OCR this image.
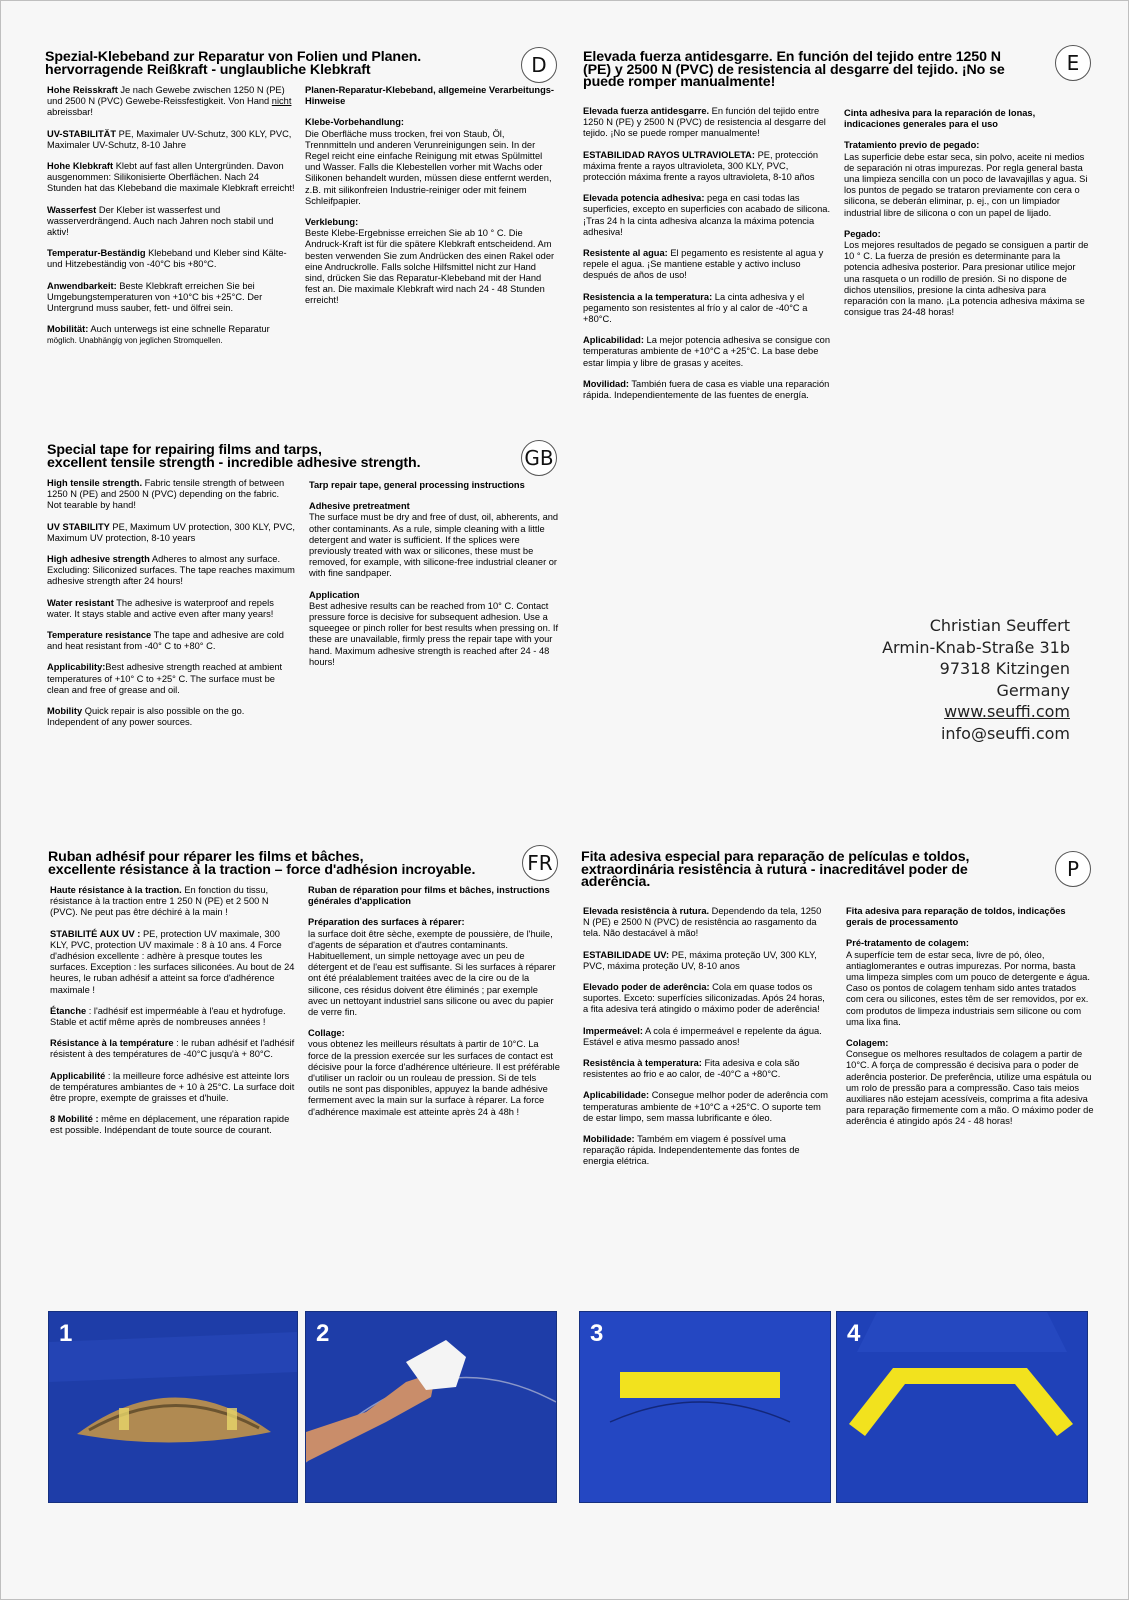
Spezial-Klebeband zur Reparatur von Folien und Planen.
hervorragende Reißkraft - unglaubliche Klebkraft	D

Hohe Reisskraft Je nach Gewebe zwischen 1250 N (PE) und 2500 N (PVC) Gewebe-Reissfestigkeit. Von Hand nicht abreissbar!

UV-STABILITÄT PE, Maximaler UV-Schutz, 300 KLY, PVC, Maximaler UV-Schutz, 8-10 Jahre

Hohe Klebkraft Klebt auf fast allen Untergründen. Davon ausgenommen: Silikonisierte Oberflächen. Nach 24 Stunden hat das Klebeband die maximale Klebkraft erreicht!

Wasserfest Der Kleber ist wasserfest und wasserverdrängend. Auch nach Jahren noch stabil und aktiv!

Temperatur-Beständig Klebeband und Kleber sind Kälte- und Hitzebeständig von -40°C bis +80°C.

Anwendbarkeit: Beste Klebkraft erreichen Sie bei Umgebungstemperaturen von +10°C bis +25°C. Der Untergrund muss sauber, fett- und ölfrei sein.

Mobilität: Auch unterwegs ist eine schnelle Reparatur
möglich. Unabhängig von jeglichen Stromquellen.

Planen-Reparatur-Klebeband, allgemeine Verarbeitungs-Hinweise

Klebe-Vorbehandlung:
Die Oberfläche muss trocken, frei von Staub, Öl, Trennmitteln und anderen Verunreinigungen sein. In der Regel reicht eine einfache Reinigung mit etwas Spülmittel und Wasser. Falls die Klebestellen vorher mit Wachs oder Silikonen behandelt wurden, müssen diese entfernt werden, z.B. mit silikonfreien Industrie-reiniger oder mit feinem Schleifpapier.

Verklebung:
Beste Klebe-Ergebnisse erreichen Sie ab 10 ° C. Die Andruck-Kraft ist für die spätere Klebkraft entscheidend. Am besten verwenden Sie zum Andrücken des einen Rakel oder eine Andruckrolle. Falls solche Hilfsmittel nicht zur Hand sind, drücken Sie das Reparatur-Klebeband mit der Hand fest an. Die maximale Klebkraft wird nach 24 - 48 Stunden erreicht!

Elevada fuerza antidesgarre. En función del tejido entre 1250 N
(PE) y 2500 N (PVC) de resistencia al desgarre del tejido. ¡No se
puede romper manualmente!
E

Elevada fuerza antidesgarre. En función del tejido entre 1250 N (PE) y 2500 N (PVC) de resistencia al desgarre del tejido. ¡No se puede romper manualmente!

ESTABILIDAD RAYOS ULTRAVIOLETA: PE, protección máxima frente a rayos ultravioleta, 300 KLY, PVC, protección máxima frente a rayos ultravioleta, 8-10 años

Elevada potencia adhesiva: pega en casi todas las superficies, excepto en superficies con acabado de silicona. ¡Tras 24 h la cinta adhesiva alcanza la máxima potencia adhesiva!

Resistente al agua: El pegamento es resistente al agua y repele el agua. ¡Se mantiene estable y activo incluso después de años de uso!

Resistencia a la temperatura: La cinta adhesiva y el pegamento son resistentes al frío y al calor de -40°C a +80°C.

Aplicabilidad: La mejor potencia adhesiva se consigue con temperaturas ambiente de +10°C a +25°C. La base debe estar limpia y libre de grasas y aceites.

Movilidad: También fuera de casa es viable una reparación rápida. Independientemente de las fuentes de energía.

Cinta adhesiva para la reparación de lonas, indicaciones generales para el uso

Tratamiento previo de pegado:
Las superficie debe estar seca, sin polvo, aceite ni medios de separación ni otras impurezas. Por regla general basta una limpieza sencilla con un poco de lavavajillas y agua. Si los puntos de pegado se trataron previamente con cera o silicona, se deberán eliminar, p. ej., con un limpiador industrial libre de silicona o con un papel de lijado.

Pegado:
Los mejores resultados de pegado se consiguen a partir de 10 ° C. La fuerza de presión es determinante para la potencia adhesiva posterior. Para presionar utilice mejor una rasqueta o un rodillo de presión. Si no dispone de dichos utensilios, presione la cinta adhesiva para reparación con la mano. ¡La potencia adhesiva máxima se consigue tras 24-48 horas!

Special tape for repairing films and tarps,
excellent tensile strength - incredible adhesive strength.	GB

High tensile strength. Fabric tensile strength of between 1250 N (PE) and 2500 N (PVC) depending on the fabric. Not tearable by hand!

UV STABILITY PE, Maximum UV protection, 300 KLY, PVC, Maximum UV protection, 8-10 years

High adhesive strength Adheres to almost any surface. Excluding: Siliconized surfaces. The tape reaches maximum adhesive strength after 24 hours!

Water resistant The adhesive is waterproof and repels water. It stays stable and active even after many years!

Temperature resistance The tape and adhesive are cold and heat resistant from -40° C to +80° C.

Applicability:Best adhesive strength reached at ambient temperatures of +10° C to +25° C. The surface must be clean and free of grease and oil.

Mobility Quick repair is also possible on the go. Independent of any power sources.

Tarp repair tape, general processing instructions

Adhesive pretreatment
The surface must be dry and free of dust, oil, abherents, and other contaminants. As a rule, simple cleaning with a little detergent and water is sufficient. If the splices were previously treated with wax or silicones, these must be removed, for example, with silicone-free industrial cleaner or with fine sandpaper.

Application
Best adhesive results can be reached from 10° C. Contact pressure force is decisive for subsequent adhesion. Use a squeegee or pinch roller for best results when pressing on. If these are unavailable, firmly press the repair tape with your hand. Maximum adhesive strength is reached after 24 - 48 hours!

Christian Seuffert
Armin-Knab-Straße 31b
97318 Kitzingen
Germany
www.seuffi.com
info@seuffi.com
Ruban adhésif pour réparer les films et bâches,
excellente résistance à la traction – force d'adhésion incroyable.	FR

Haute résistance à la traction. En fonction du tissu, résistance à la traction entre 1 250 N (PE) et 2 500 N (PVC). Ne peut pas être déchiré à la main !

STABILITÉ AUX UV : PE, protection UV maximale, 300 KLY, PVC, protection UV maximale : 8 à 10 ans. 4 Force d'adhésion excellente : adhère à presque toutes les surfaces. Exception : les surfaces siliconées. Au bout de 24 heures, le ruban adhésif a atteint sa force d'adhérence maximale !

Étanche : l'adhésif est imperméable à l'eau et hydrofuge. Stable et actif même après de nombreuses années !

Résistance à la température : le ruban adhésif et l'adhésif résistent à des températures de -40°C jusqu'à + 80°C.

Applicabilité : la meilleure force adhésive est atteinte lors de températures ambiantes de + 10 à 25°C. La surface doit être propre, exempte de graisses et d'huile.

8 Mobilité : même en déplacement, une réparation rapide est possible. Indépendant de toute source de courant.

Ruban de réparation pour films et bâches, instructions générales d'application

Préparation des surfaces à réparer:
la surface doit être sèche, exempte de poussière, de l'huile, d'agents de séparation et d'autres contaminants. Habituellement, un simple nettoyage avec un peu de détergent et de l'eau est suffisante. Si les surfaces à réparer ont été préalablement traitées avec de la cire ou de la silicone, ces résidus doivent être éliminés ; par exemple avec un nettoyant industriel sans silicone ou avec du papier de verre fin.

Collage:
vous obtenez les meilleurs résultats à partir de 10°C. La force de la pression exercée sur les surfaces de contact est décisive pour la force d'adhérence ultérieure. Il est préférable d'utiliser un racloir ou un rouleau de pression. Si de tels outils ne sont pas disponibles, appuyez la bande adhésive fermement avec la main sur la surface à réparer. La force d'adhérence maximale est atteinte après 24 à 48h !

Fita adesiva especial para reparação de películas e toldos,
extraordinária resistência à rutura - inacreditável poder de
aderência.
P

Elevada resistência à rutura. Dependendo da tela, 1250 N (PE) e 2500 N (PVC) de resistência ao rasgamento da tela. Não destacável à mão!

ESTABILIDADE UV: PE, máxima proteção UV, 300 KLY, PVC, máxima proteção UV, 8-10 anos

Elevado poder de aderência: Cola em quase todos os suportes. Exceto: superfícies siliconizadas. Após 24 horas, a fita adesiva terá atingido o máximo poder de aderência!

Impermeável: A cola é impermeável e repelente da água. Estável e ativa mesmo passado anos!

Resistência à temperatura: Fita adesiva e cola são resistentes ao frio e ao calor, de -40°C a +80°C.

Aplicabilidade: Consegue melhor poder de aderência com temperaturas ambiente de +10°C a +25°C. O suporte tem de estar limpo, sem massa lubrificante e óleo.

Mobilidade: Também em viagem é possível uma reparação rápida. Independentemente das fontes de energia elétrica.

Fita adesiva para reparação de toldos, indicações gerais de processamento

Pré-tratamento de colagem:
A superfície tem de estar seca, livre de pó, óleo, antiaglomerantes e outras impurezas. Por norma, basta uma limpeza simples com um pouco de detergente e água. Caso os pontos de colagem tenham sido antes tratados com cera ou silicones, estes têm de ser removidos, por ex. com produtos de limpeza industriais sem silicone ou com uma lixa fina.

Colagem:
Consegue os melhores resultados de colagem a partir de 10°C. A força de compressão é decisiva para o poder de aderência posterior. De preferência, utilize uma espátula ou um rolo de pressão para a compressão. Caso tais meios auxiliares não estejam acessíveis, comprima a fita adesiva para reparação firmemente com a mão. O máximo poder de aderência é atingido após 24 - 48 horas!

1	2	3	4
